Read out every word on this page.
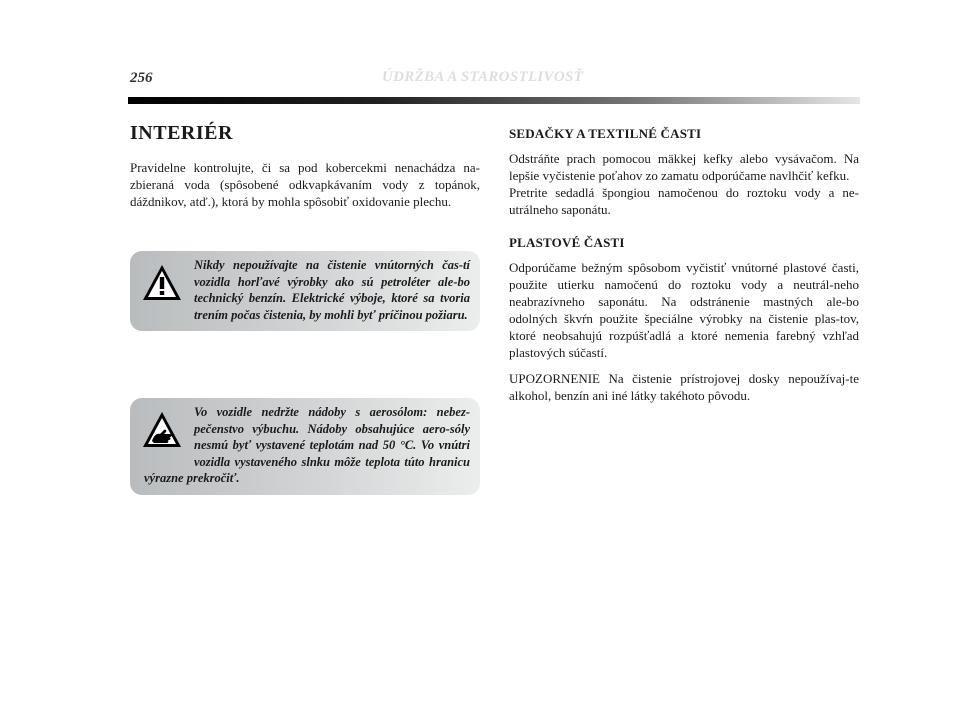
256	ÚDRŽBA A STAROSTLIVOSŤ
INTERIÉR

Pravidelne kontrolujte, či sa pod kobercekmi nenachádza na-zbieraná voda (spôsobené odkvapkávaním vody z topánok, dáždnikov, atď.), ktorá by mohla spôsobiť oxidovanie plechu.

Nikdy nepoužívajte na čistenie vnútorných čas-tí vozidla horľavé výrobky ako sú petroléter ale-bo technický benzín. Elektrické výboje, ktoré sa tvoria trením počas čistenia, by mohli byť príčinou požiaru.

Vo vozidle nedržte nádoby s aerosólom: nebez-pečenstvo výbuchu. Nádoby obsahujúce aero-sóly nesmú byť vystavené teplotám nad 50 °C. Vo vnútri vozidla vystaveného slnku môže teplota túto hranicu výrazne prekročiť.

SEDAČKY A TEXTILNÉ ČASTI

Odstráňte prach pomocou mäkkej kefky alebo vysávačom. Na lepšie vyčistenie poťahov zo zamatu odporúčame navlhčiť kefku.

Pretrite sedadlá špongiou namočenou do roztoku vody a ne-utrálneho saponátu.

PLASTOVÉ ČASTI

Odporúčame bežným spôsobom vyčistiť vnútorné plastové časti, použite utierku namočenú do roztoku vody a neutrál-neho neabrazívneho saponátu. Na odstránenie mastných ale-bo odolných škvŕn použite špeciálne výrobky na čistenie plas-tov, ktoré neobsahujú rozpúšťadlá a ktoré nemenia farebný vzhľad plastových súčastí.

UPOZORNENIE Na čistenie prístrojovej dosky nepoužívaj-te alkohol, benzín ani iné látky takéhoto pôvodu.
